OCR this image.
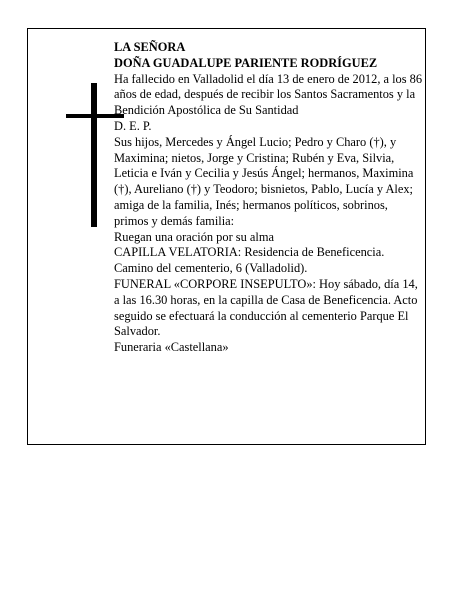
LA SEÑORA

DOÑA GUADALUPE PARIENTE RODRÍGUEZ

Ha fallecido en Valladolid el día 13 de enero de 2012, a los 86 años de edad, después de recibir los Santos Sacramentos y la Bendición Apostólica de Su Santidad

D. E. P.

Sus hijos, Mercedes y Ángel Lucio; Pedro y Charo (†), y Maximina; nietos, Jorge y Cristina; Rubén y Eva, Silvia, Leticia e Iván y Cecilia y Jesús Ángel; hermanos, Maximina (†), Aureliano (†) y Teodoro; bisnietos, Pablo, Lucía y Alex; amiga de la familia, Inés; hermanos políticos, sobrinos, primos y demás familia:

Ruegan una oración por su alma

CAPILLA VELATORIA: Residencia de Beneficencia. Camino del cementerio, 6 (Valladolid).

FUNERAL «CORPORE INSEPULTO»: Hoy sábado, día 14, a las 16.30 horas, en la capilla de Casa de Beneficencia. Acto seguido se efectuará la conducción al cementerio Parque El Salvador.

Funeraria «Castellana»
